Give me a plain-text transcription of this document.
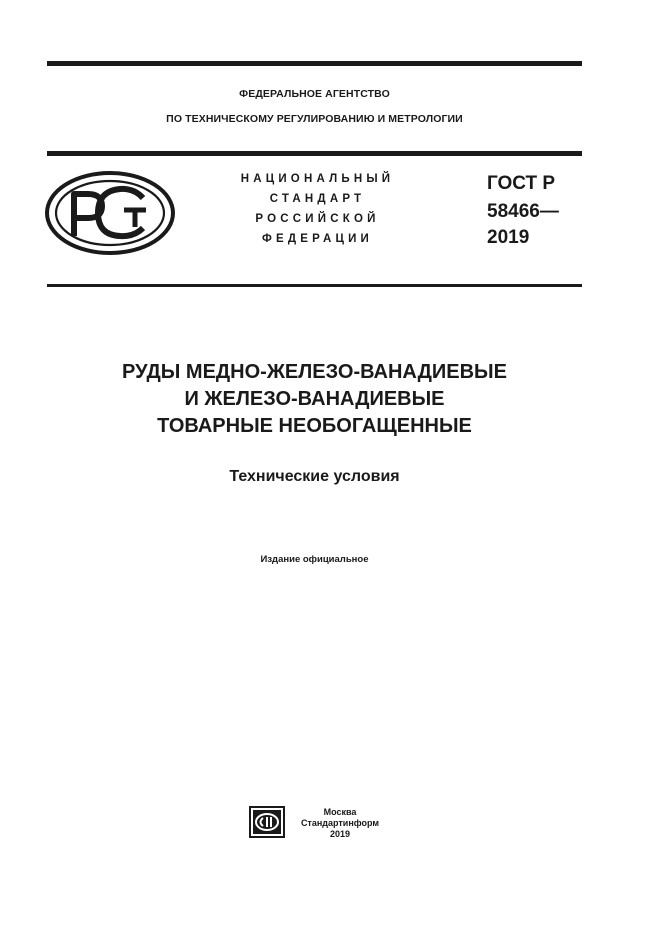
ФЕДЕРАЛЬНОЕ АГЕНТСТВО
ПО ТЕХНИЧЕСКОМУ РЕГУЛИРОВАНИЮ И МЕТРОЛОГИИ
НАЦИОНАЛЬНЫЙ
СТАНДАРТ
РОССИЙСКОЙ
ФЕДЕРАЦИИ
ГОСТ Р
58466—
2019
РУДЫ МЕДНО-ЖЕЛЕЗО-ВАНАДИЕВЫЕ
И ЖЕЛЕЗО-ВАНАДИЕВЫЕ
ТОВАРНЫЕ НЕОБОГАЩЕННЫЕ
Технические условия
Издание официальное
Москва
Стандартинформ
2019
